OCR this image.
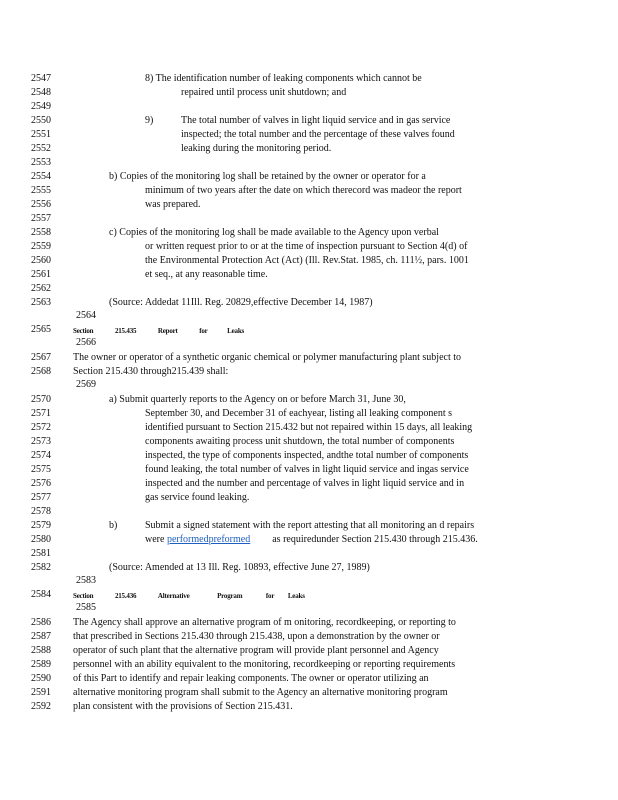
2547
2548
2549
2550
2551
2552
2553
2554
2555
2556
2557
2558
2559
2560
2561
2562
2563
2564
2565
2566
2567
2568
2569
2570
2571
2572
2573
2574
2575
2576
2577
2578
2579
2580
2581
2582
2583
2584
2585
2586
2587
2588
2589
2590
2591
2592
8) The identification number of leaking components which cannot be
repaired until process unit shutdown; and
9)	The total number of valves in light liquid service and in gas service
inspected; the total number and the percentage of these valves found
leaking during the monitoring period.
b) Copies of the monitoring log shall be retained by the owner or operator for a
minimum of two years after the date on which therecord was madeor the report
was prepared.
c) Copies of the monitoring log shall be made available to the Agency upon verbal
or written request prior to or at the time of inspection pursuant to Section 4(d) of
the Environmental Protection Act (Act) (Ill. Rev.Stat. 1985, ch. 111½, pars. 1001
et seq., at any reasonable time.
(Source: Addedat 11Ill. Reg. 20829,effective December 14, 1987)
Section	215.435	Report	for	Leaks
The owner or operator of a synthetic organic chemical or polymer manufacturing plant subject to
Section 215.430 through215.439 shall:
a) Submit quarterly reports to the Agency on or before March 31, June 30,
September 30, and December 31 of eachyear, listing all leaking component s
identified pursuant to Section 215.432 but not repaired within 15 days, all leaking
components awaiting process unit shutdown, the total number of components
inspected, the type of components inspected, andthe total number of components
found leaking, the total number of valves in light liquid service and ingas service
inspected and the number and percentage of valves in light liquid service and in
gas service found leaking.
b)	Submit a signed statement with the report attesting that all monitoring an d repairs
were performedpreformed as requiredunder Section 215.430 through 215.436.
(Source: Amended at 13 Ill. Reg. 10893, effective June 27, 1989)
Section	215.436	Alternative	Program	for Leaks
The Agency shall approve an alternative program of m onitoring, recordkeeping, or reporting to
that prescribed in Sections 215.430 through 215.438, upon a demonstration by the owner or
operator of such plant that the alternative program will provide plant personnel and Agency
personnel with an ability equivalent to the monitoring, recordkeeping or reporting requirements
of this Part to identify and repair leaking components. The owner or operator utilizing an
alternative monitoring program shall submit to the Agency an alternative monitoring program
plan consistent with the provisions of Section 215.431.
